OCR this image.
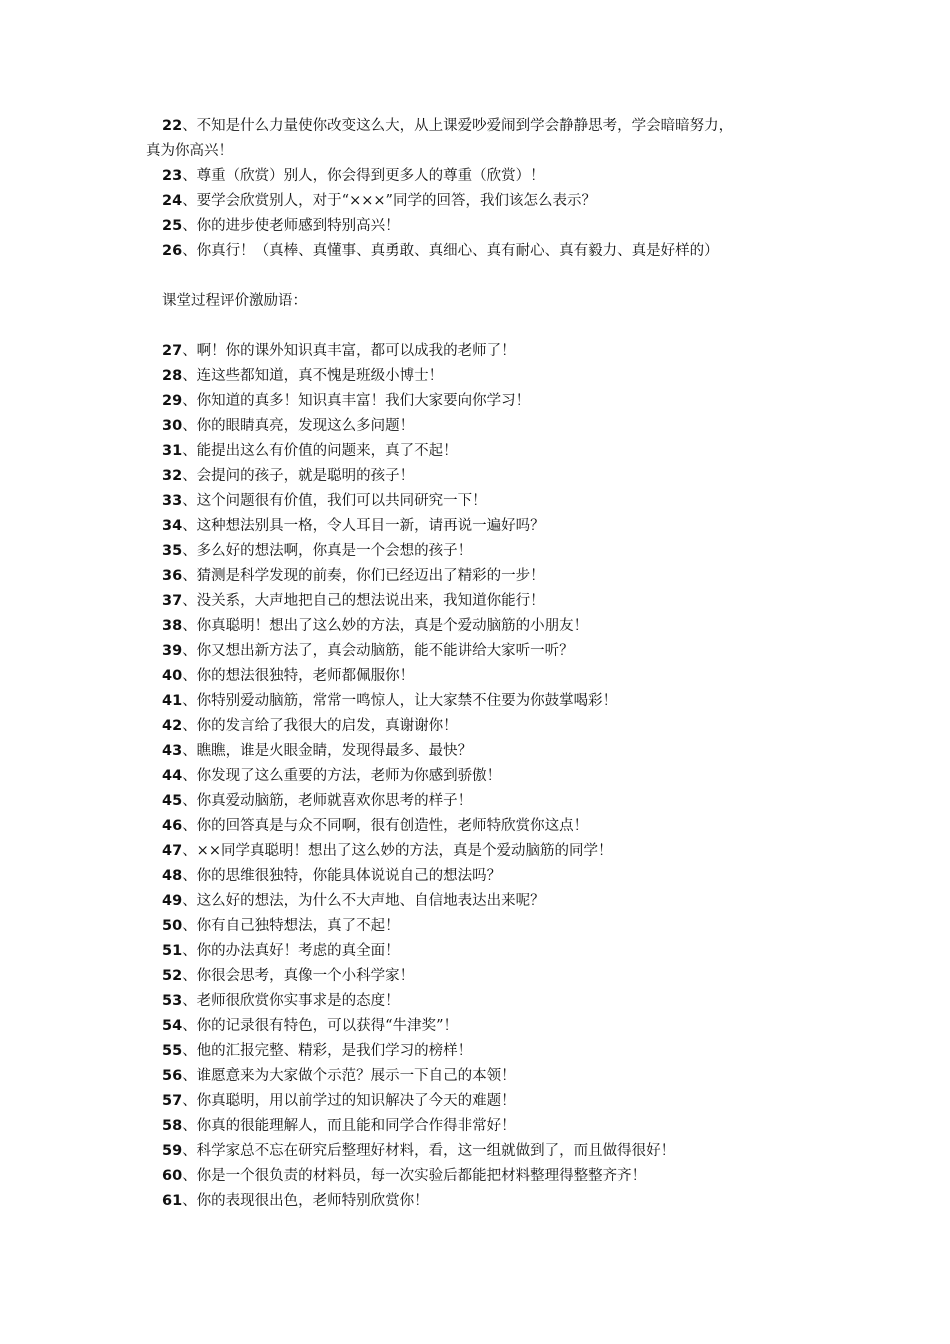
22、不知是什么力量使你改变这么大，从上课爱吵爱闹到学会静静思考，学会暗暗努力，
真为你高兴！
23、尊重（欣赏）别人，你会得到更多人的尊重（欣赏）！
24、要学会欣赏别人，对于“×××”同学的回答，我们该怎么表示？
25、你的进步使老师感到特别高兴！
26、你真行！（真棒、真懂事、真勇敢、真细心、真有耐心、真有毅力、真是好样的）
课堂过程评价激励语：
27、啊！你的课外知识真丰富，都可以成我的老师了！
28、连这些都知道，真不愧是班级小博士！
29、你知道的真多！知识真丰富！我们大家要向你学习！
30、你的眼睛真亮，发现这么多问题！
31、能提出这么有价值的问题来，真了不起！
32、会提问的孩子，就是聪明的孩子！
33、这个问题很有价值，我们可以共同研究一下！
34、这种想法别具一格，令人耳目一新，请再说一遍好吗？
35、多么好的想法啊，你真是一个会想的孩子！
36、猜测是科学发现的前奏，你们已经迈出了精彩的一步！
37、没关系，大声地把自己的想法说出来，我知道你能行！
38、你真聪明！想出了这么妙的方法，真是个爱动脑筋的小朋友！
39、你又想出新方法了，真会动脑筋，能不能讲给大家听一听？
40、你的想法很独特，老师都佩服你！
41、你特别爱动脑筋，常常一鸣惊人，让大家禁不住要为你鼓掌喝彩！
42、你的发言给了我很大的启发，真谢谢你！
43、瞧瞧，谁是火眼金睛，发现得最多、最快？
44、你发现了这么重要的方法，老师为你感到骄傲！
45、你真爱动脑筋，老师就喜欢你思考的样子！
46、你的回答真是与众不同啊，很有创造性，老师特欣赏你这点！
47、××同学真聪明！想出了这么妙的方法，真是个爱动脑筋的同学！
48、你的思维很独特，你能具体说说自己的想法吗？
49、这么好的想法，为什么不大声地、自信地表达出来呢？
50、你有自己独特想法，真了不起！
51、你的办法真好！考虑的真全面！
52、你很会思考，真像一个小科学家！
53、老师很欣赏你实事求是的态度！
54、你的记录很有特色，可以获得“牛津奖”！
55、他的汇报完整、精彩，是我们学习的榜样！
56、谁愿意来为大家做个示范？展示一下自己的本领！
57、你真聪明，用以前学过的知识解决了今天的难题！
58、你真的很能理解人，而且能和同学合作得非常好！
59、科学家总不忘在研究后整理好材料，看，这一组就做到了，而且做得很好！
60、你是一个很负责的材料员，每一次实验后都能把材料整理得整整齐齐！
61、你的表现很出色，老师特别欣赏你！
